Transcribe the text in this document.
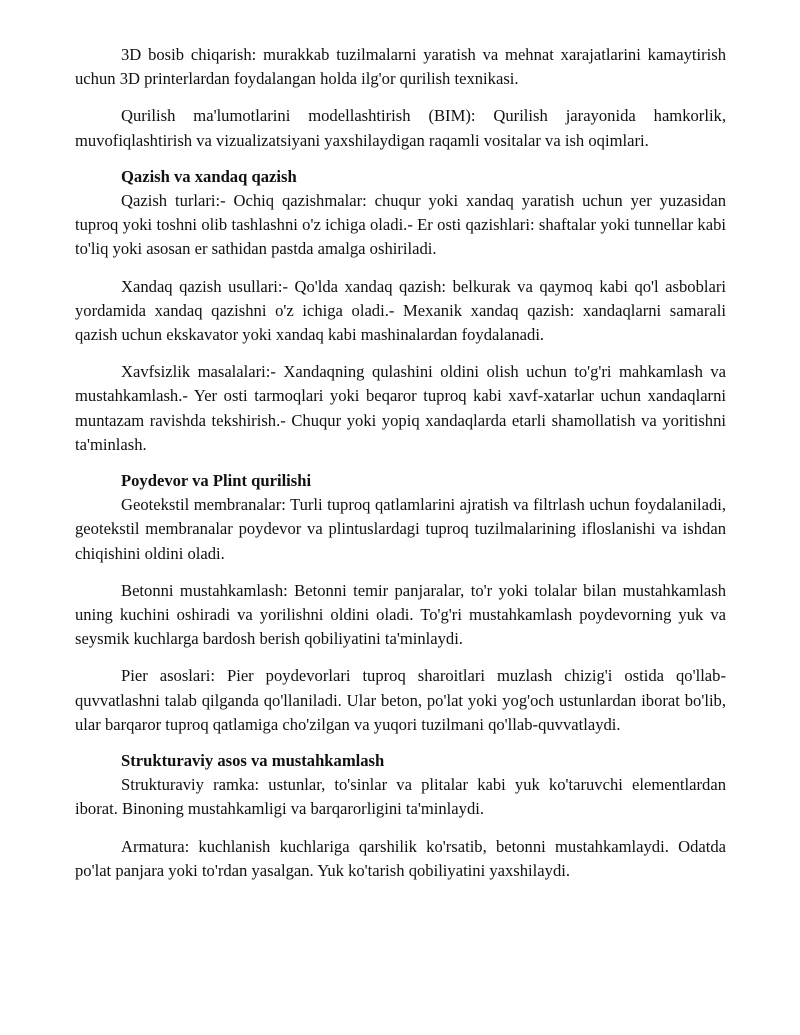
3D bosib chiqarish: murakkab tuzilmalarni yaratish va mehnat xarajatlarini kamaytirish uchun 3D printerlardan foydalangan holda ilg'or qurilish texnikasi.

Qurilish ma'lumotlarini modellashtirish (BIM): Qurilish jarayonida hamkorlik, muvofiqlashtirish va vizualizatsiyani yaxshilaydigan raqamli vositalar va ish oqimlari.

Qazish va xandaq qazish

Qazish turlari:- Ochiq qazishmalar: chuqur yoki xandaq yaratish uchun yer yuzasidan tuproq yoki toshni olib tashlashni o'z ichiga oladi.- Er osti qazishlari: shaftalar yoki tunnellar kabi to'liq yoki asosan er sathidan pastda amalga oshiriladi.

Xandaq qazish usullari:- Qo'lda xandaq qazish: belkurak va qaymoq kabi qo'l asboblari yordamida xandaq qazishni o'z ichiga oladi.- Mexanik xandaq qazish: xandaqlarni samarali qazish uchun ekskavator yoki xandaq kabi mashinalardan foydalanadi.

Xavfsizlik masalalari:- Xandaqning qulashini oldini olish uchun to'g'ri mahkamlash va mustahkamlash.- Yer osti tarmoqlari yoki beqaror tuproq kabi xavf-xatarlar uchun xandaqlarni muntazam ravishda tekshirish.- Chuqur yoki yopiq xandaqlarda etarli shamollatish va yoritishni ta'minlash.

Poydevor va Plint qurilishi

Geotekstil membranalar: Turli tuproq qatlamlarini ajratish va filtrlash uchun foydalaniladi, geotekstil membranalar poydevor va plintuslardagi tuproq tuzilmalarining ifloslanishi va ishdan chiqishini oldini oladi.

Betonni mustahkamlash: Betonni temir panjaralar, to'r yoki tolalar bilan mustahkamlash uning kuchini oshiradi va yorilishni oldini oladi. To'g'ri mustahkamlash poydevorning yuk va seysmik kuchlarga bardosh berish qobiliyatini ta'minlaydi.

Pier asoslari: Pier poydevorlari tuproq sharoitlari muzlash chizig'i ostida qo'llab-quvvatlashni talab qilganda qo'llaniladi. Ular beton, po'lat yoki yog'och ustunlardan iborat bo'lib, ular barqaror tuproq qatlamiga cho'zilgan va yuqori tuzilmani qo'llab-quvvatlaydi.

Strukturaviy asos va mustahkamlash

Strukturaviy ramka: ustunlar, to'sinlar va plitalar kabi yuk ko'taruvchi elementlardan iborat. Binoning mustahkamligi va barqarorligini ta'minlaydi.

Armatura: kuchlanish kuchlariga qarshilik ko'rsatib, betonni mustahkamlaydi. Odatda po'lat panjara yoki to'rdan yasalgan. Yuk ko'tarish qobiliyatini yaxshilaydi.
